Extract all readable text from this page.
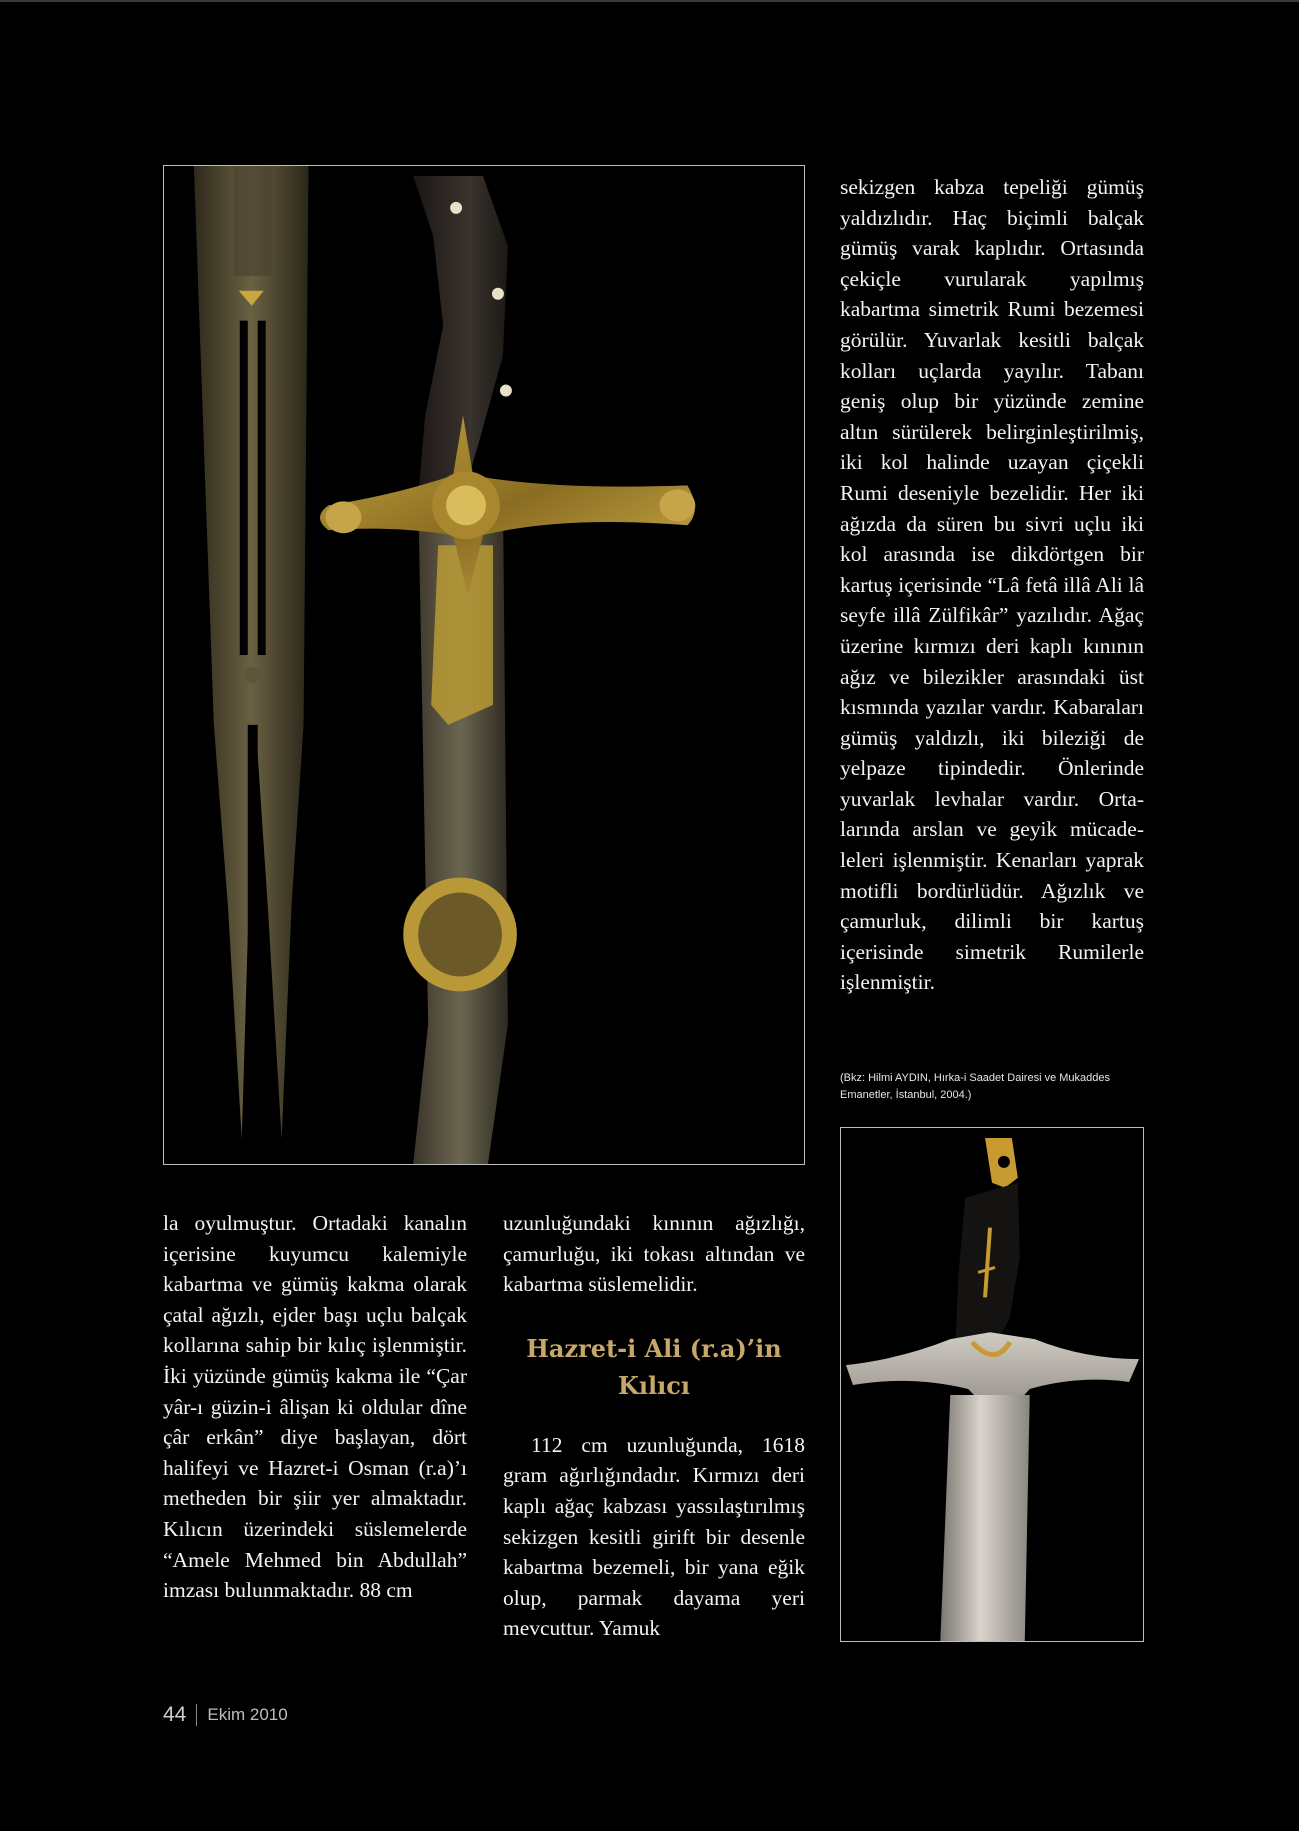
sekizgen kabza tepeliği gümüş yaldızlıdır. Haç biçimli balçak gümüş varak kaplıdır. Ortasında çekiçle vurularak yapılmış kabartma simetrik Rumi bezemesi görülür. Yuvarlak kesitli balçak kolları uçlarda yayılır. Tabanı geniş olup bir yüzünde zemine altın sürülerek belirginleştirilmiş, iki kol halinde uzayan çiçekli Rumi deseniyle bezelidir. Her iki ağızda da süren bu sivri uçlu iki kol arasında ise dikdörtgen bir kartuş içerisinde “Lâ fetâ illâ Ali lâ seyfe illâ Zülfikâr” yazılıdır. Ağaç üzerine kırmızı deri kaplı kınının ağız ve bilezikler arasındaki üst kısmında yazılar vardır. Kabaraları gümüş yaldızlı, iki bileziği de yelpaze tipindedir. Önlerinde yuvarlak levhalar vardır. Ortalarında arslan ve geyik mücadeleleri işlenmiştir. Kenarları yaprak motifli bordürlüdür. Ağızlık ve çamurluk, dilimli bir kartuş içerisinde simetrik Rumilerle işlenmiştir.

(Bkz: Hilmi AYDIN, Hırka-i Saadet Dairesi ve Mukaddes Emanetler, İstanbul, 2004.)

la oyulmuştur. Ortadaki kanalın içerisine kuyumcu kalemiyle kabartma ve gümüş kakma olarak çatal ağızlı, ejder başı uçlu balçak kollarına sahip bir kılıç işlenmiştir. İki yüzünde gümüş kakma ile “Çar yâr-ı güzin-i âlişan ki oldular dîne çâr erkân” diye başlayan, dört halifeyi ve Hazret-i Osman (r.a)’ı metheden bir şiir yer almaktadır. Kılıcın üzerindeki süslemelerde “Amele Mehmed bin Abdullah” imzası bulunmaktadır. 88 cm

uzunluğundaki kınının ağızlığı, çamurluğu, iki tokası altından ve kabartma süslemelidir.

Hazret-i Ali (r.a)’in Kılıcı

112 cm uzunluğunda, 1618 gram ağırlığındadır. Kırmızı deri kaplı ağaç kabzası yassılaştırılmış sekizgen kesitli girift bir desenle kabartma bezemeli, bir yana eğik olup, parmak dayama yeri mevcuttur. Yamuk

44 Ekim 2010
